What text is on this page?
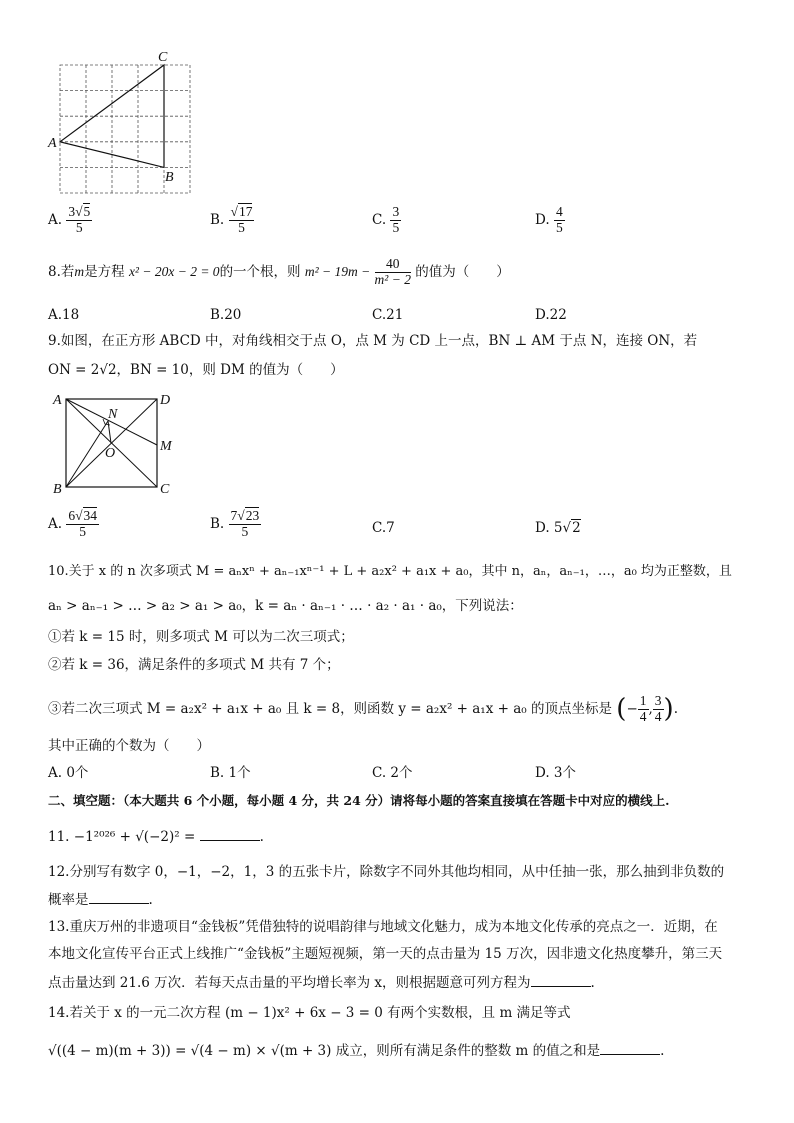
A
C
B
A. $\frac{3√5}{5}$	B. $\frac{√17}{5}$	C. $\frac{3}{5}$	D. $\frac{4}{5}$
8.若m是方程 x² − 20x − 2 = 0的一个根，则 $m^2 - 19m - \frac{40}{\text{m² − 2}}$ 的值为（　　）
A.18	B.20	C.21	D.22
9.如图，在正方形 ABCD 中，对角线相交于点 O，点 M 为 CD 上一点，BN ⊥ AM 于点 N，连接 ON，若
ON = 2√2，BN = 10，则 DM 的值为（　　）
A	D
M
B	C
N
O
A. $\frac{6√34}{5}$	B. $\frac{7√23}{5}$	C.7	D. 5√2
10.关于 x 的 n 次多项式 M = aₙxⁿ + aₙ₋₁xⁿ⁻¹ + L + a₂x² + a₁x + a₀，其中 n，aₙ，aₙ₋₁，…，a₀ 均为正整数，且
aₙ > aₙ₋₁ > … > a₂ > a₁ > a₀，k = aₙ · aₙ₋₁ · … · a₂ · a₁ · a₀，下列说法：
①若 k = 15 时，则多项式 M 可以为二次三项式；
②若 k = 36，满足条件的多项式 M 共有 7 个；
③若二次三项式 M = a₂x² + a₁x + a₀ 且 k = 8，则函数 y = a₂x² + a₁x + a₀ 的顶点坐标是 (− $\frac{1}{4}$ , $\frac{3}{4}$ ).
其中正确的个数为（　　）
A. 0个	B. 1个	C. 2个	D. 3个
二、填空题：（本大题共 6 个小题，每小题 4 分，共 24 分）请将每小题的答案直接填在答题卡中对应的横线上.
11. −1²⁰²⁶ + √(−2)² =	.
12.分别写有数字 0，−1，−2，1，3 的五张卡片，除数字不同外其他均相同，从中任抽一张，那么抽到非负数的
概率是	.
13.重庆万州的非遗项目“金钱板”凭借独特的说唱韵律与地域文化魅力，成为本地文化传承的亮点之一．近期，在
本地文化宣传平台正式上线推广“金钱板”主题短视频，第一天的点击量为 15 万次，因非遗文化热度攀升，第三天
点击量达到 21.6 万次．若每天点击量的平均增长率为 x，则根据题意可列方程为	.
14.若关于 x 的一元二次方程 (m − 1)x² + 6x − 3 = 0 有两个实数根，且 m 满足等式
√((4 − m)(m + 3)) = √(4 − m) × √(m + 3) 成立，则所有满足条件的整数 m 的值之和是	.
